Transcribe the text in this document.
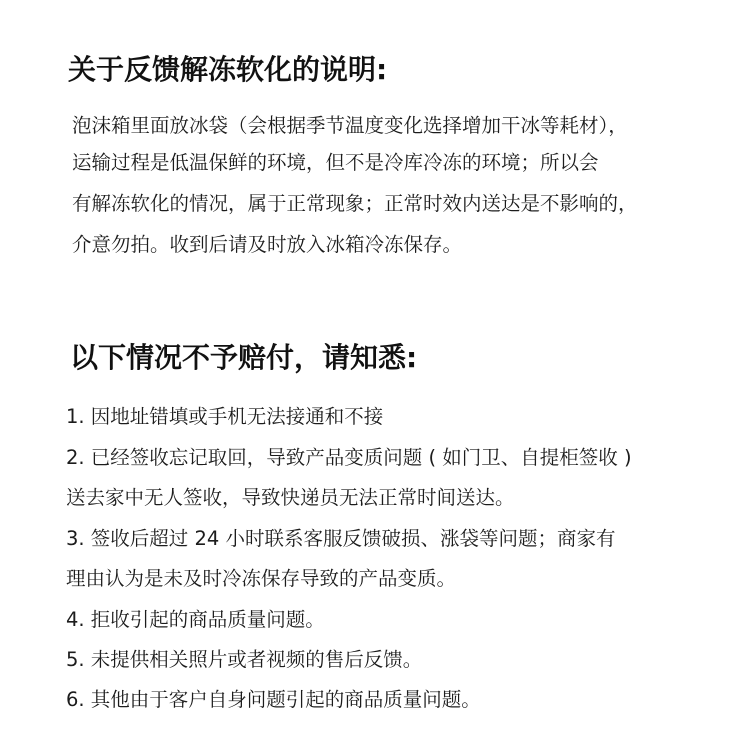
关于反馈解冻软化的说明:
泡沫箱里面放冰袋（会根据季节温度变化选择增加干冰等耗材），
运输过程是低温保鲜的环境，但不是冷库冷冻的环境；所以会
有解冻软化的情况，属于正常现象；正常时效内送达是不影响的，
介意勿拍。收到后请及时放入冰箱冷冻保存。
以下情况不予赔付，请知悉:
1. 因地址错填或手机无法接通和不接
2. 已经签收忘记取回，导致产品变质问题 ( 如门卫、自提柜签收 )
送去家中无人签收，导致快递员无法正常时间送达。
3. 签收后超过 24 小时联系客服反馈破损、涨袋等问题；商家有
理由认为是未及时冷冻保存导致的产品变质。
4. 拒收引起的商品质量问题。
5. 未提供相关照片或者视频的售后反馈。
6. 其他由于客户自身问题引起的商品质量问题。
